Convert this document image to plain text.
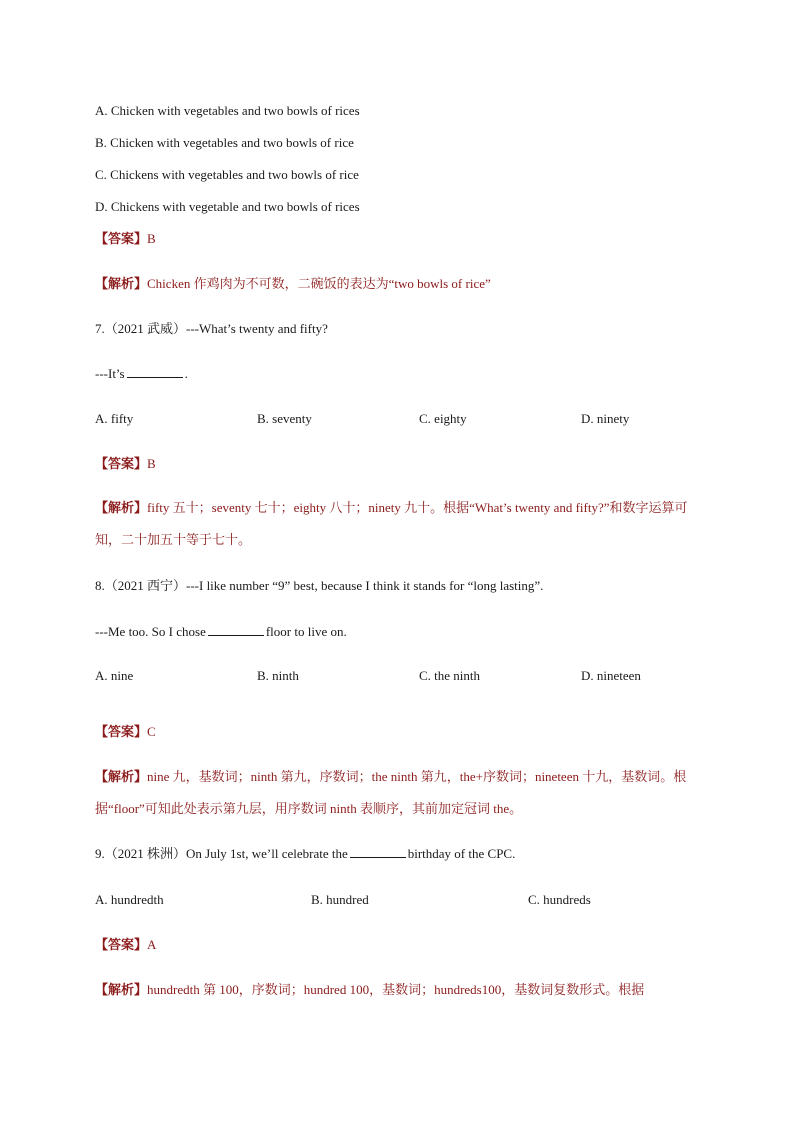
A. Chicken with vegetables and two bowls of rices
B. Chicken with vegetables and two bowls of rice
C. Chickens with vegetables and two bowls of rice
D. Chickens with vegetable and two bowls of rices
【答案】B
【解析】Chicken 作鸡肉为不可数，二碗饭的表达为“two bowls of rice”
7.（2021 武威）---What’s twenty and fifty?
---It’s	.
A. fifty	B. seventy	C. eighty	D. ninety
【答案】B
【解析】fifty 五十；seventy 七十；eighty 八十；ninety 九十。根据“What’s twenty and fifty?”和数字运算可知，二十加五十等于七十。
8.（2021 西宁）---I like number “9” best, because I think it stands for “long lasting”.
---Me too. So I chose	floor to live on.
A. nine	B. ninth	C. the ninth	D. nineteen
【答案】C
【解析】nine 九，基数词；ninth 第九，序数词；the ninth 第九，the+序数词；nineteen 十九，基数词。根据“floor”可知此处表示第九层，用序数词 ninth 表顺序，其前加定冠词 the。
9.（2021 株洲）On July 1st, we’ll celebrate the	birthday of the CPC.
A. hundredth	B. hundred	C. hundreds
【答案】A
【解析】hundredth 第 100，序数词；hundred 100，基数词；hundreds100，基数词复数形式。根据
